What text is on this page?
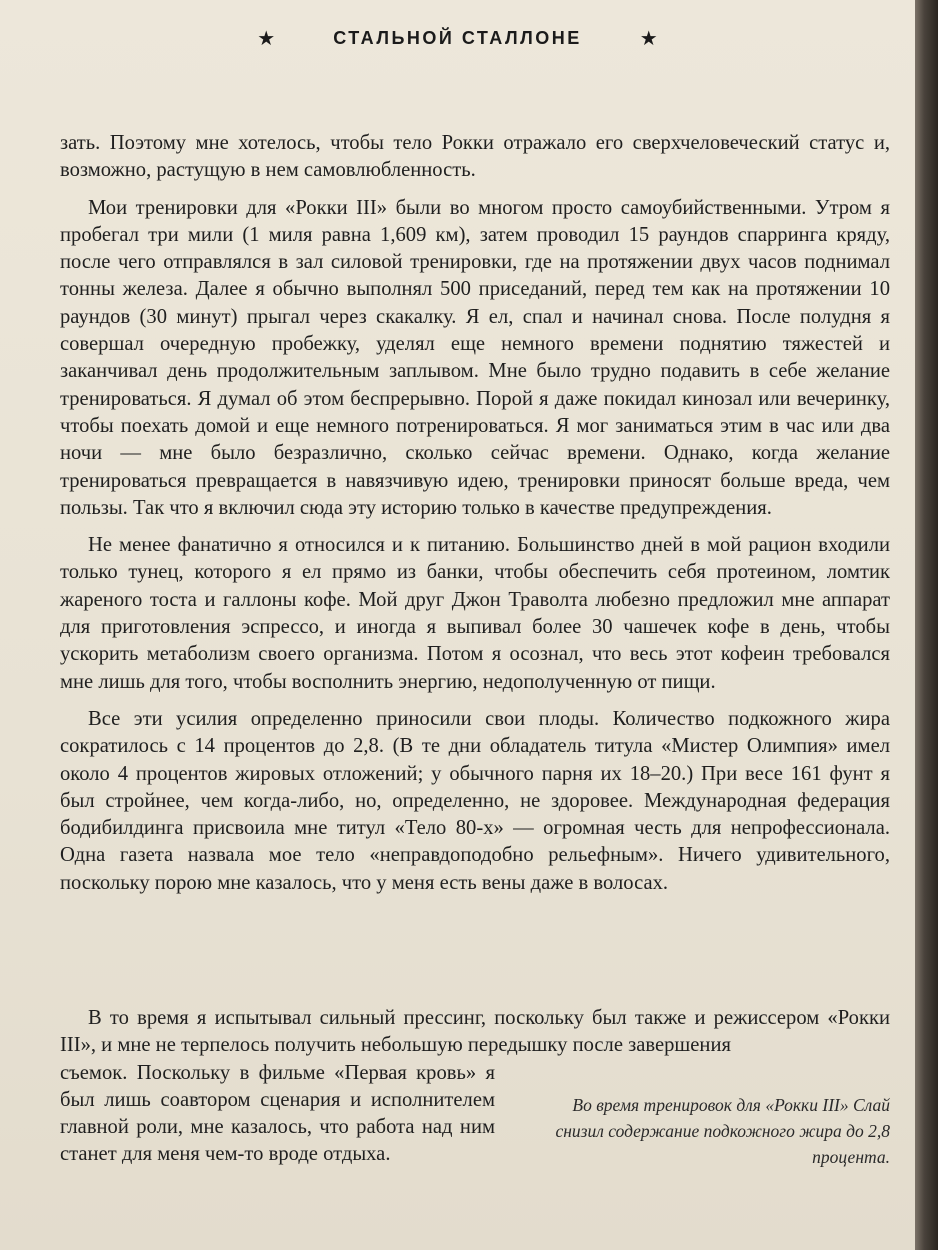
★	СТАЛЬНОЙ СТАЛЛОНЕ	★

зать. Поэтому мне хотелось, чтобы тело Рокки отражало его сверхчеловеческий статус и, возможно, растущую в нем самовлюбленность.

Мои тренировки для «Рокки III» были во многом просто самоубийственными. Утром я пробегал три мили (1 миля равна 1,609 км), затем проводил 15 раундов спарринга кряду, после чего отправлялся в зал силовой тренировки, где на протяжении двух часов поднимал тонны железа. Далее я обычно выполнял 500 приседаний, перед тем как на протяжении 10 раундов (30 минут) прыгал через скакалку. Я ел, спал и начинал снова. После полудня я совершал очередную пробежку, уделял еще немного времени поднятию тяжестей и заканчивал день продолжительным заплывом. Мне было трудно подавить в себе желание тренироваться. Я думал об этом беспрерывно. Порой я даже покидал кинозал или вечеринку, чтобы поехать домой и еще немного потренироваться. Я мог заниматься этим в час или два ночи — мне было безразлично, сколько сейчас времени. Однако, когда желание тренироваться превращается в навязчивую идею, тренировки приносят больше вреда, чем пользы. Так что я включил сюда эту историю только в качестве предупреждения.

Не менее фанатично я относился и к питанию. Большинство дней в мой рацион входили только тунец, которого я ел прямо из банки, чтобы обеспечить себя протеином, ломтик жареного тоста и галлоны кофе. Мой друг Джон Траволта любезно предложил мне аппарат для приготовления эспрессо, и иногда я выпивал более 30 чашечек кофе в день, чтобы ускорить метаболизм своего организма. Потом я осознал, что весь этот кофеин требовался мне лишь для того, чтобы восполнить энергию, недополученную от пищи.

Все эти усилия определенно приносили свои плоды. Количество подкожного жира сократилось с 14 процентов до 2,8. (В те дни обладатель титула «Мистер Олимпия» имел около 4 процентов жировых отложений; у обычного парня их 18–20.) При весе 161 фунт я был стройнее, чем когда-либо, но, определенно, не здоровее. Международная федерация бодибилдинга присвоила мне титул «Тело 80-х» — огромная честь для непрофессионала. Одна газета назвала мое тело «неправдоподобно рельефным». Ничего удивительного, поскольку порою мне казалось, что у меня есть вены даже в волосах.

В то время я испытывал сильный прессинг, поскольку был также и режиссером «Рокки III», и мне не терпелось получить небольшую передышку после завершения

съемок. Поскольку в фильме «Первая кровь» я был лишь соавтором сценария и исполнителем главной роли, мне казалось, что работа над ним станет для меня чем-то вроде отдыха.

Во время тренировок для «Рокки III» Слай снизил содержание подкожного жира до 2,8 процента.
